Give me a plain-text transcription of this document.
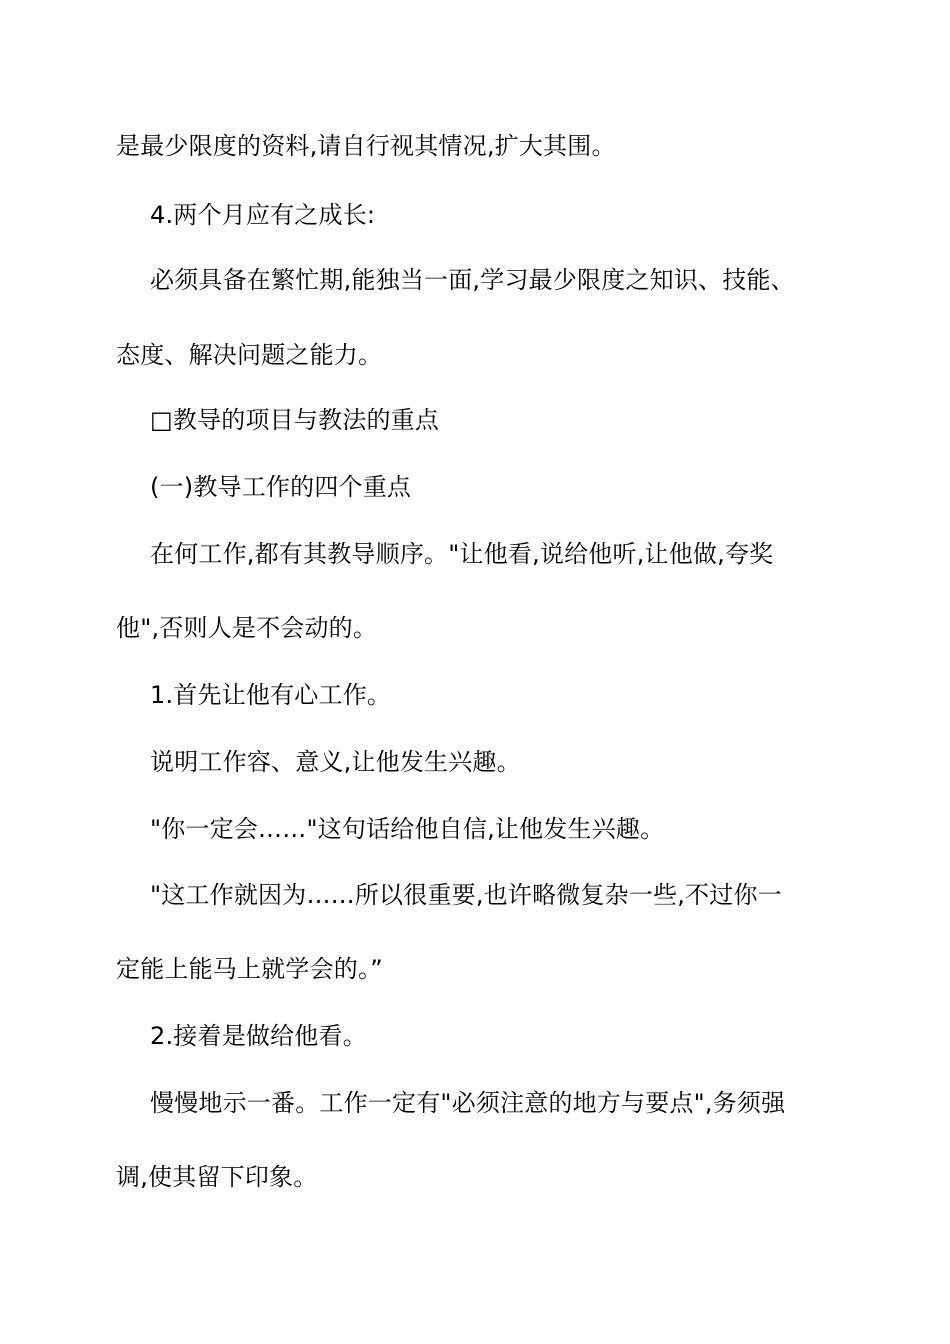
是最少限度的资料,请自行视其情况,扩大其围。
4.两个月应有之成长:
必须具备在繁忙期,能独当一面,学习最少限度之知识、技能、
态度、解决问题之能力。
□教导的项目与教法的重点
(一)教导工作的四个重点
在何工作,都有其教导顺序。"让他看,说给他听,让他做,夸奖
他",否则人是不会动的。
1.首先让他有心工作。
说明工作容、意义,让他发生兴趣。
"你一定会……"这句话给他自信,让他发生兴趣。
"这工作就因为……所以很重要,也许略微复杂一些,不过你一
定能上能马上就学会的。”
2.接着是做给他看。
慢慢地示一番。工作一定有"必须注意的地方与要点",务须强
调,使其留下印象。
